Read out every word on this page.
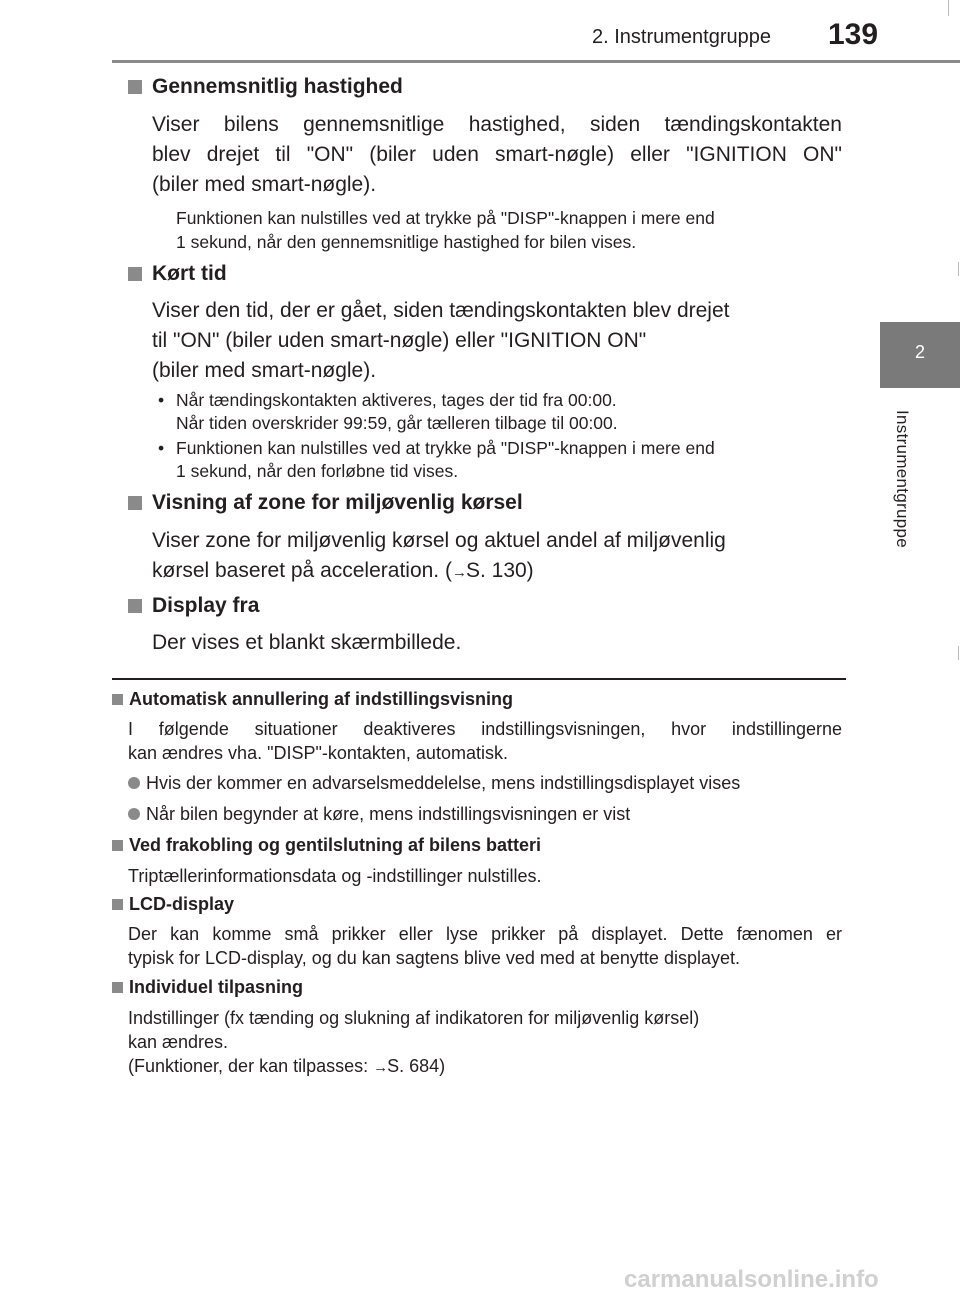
2. Instrumentgruppe 139
2
Instrumentgruppe
Gennemsnitlig hastighed
Viser bilens gennemsnitlige hastighed, siden tændingskontakten
blev drejet til "ON" (biler uden smart-nøgle) eller "IGNITION ON"
(biler med smart-nøgle).
Funktionen kan nulstilles ved at trykke på "DISP"-knappen i mere end
1 sekund, når den gennemsnitlige hastighed for bilen vises.
Kørt tid
Viser den tid, der er gået, siden tændingskontakten blev drejet
til "ON" (biler uden smart-nøgle) eller "IGNITION ON"
(biler med smart-nøgle).
• Når tændingskontakten aktiveres, tages der tid fra 00:00.
Når tiden overskrider 99:59, går tælleren tilbage til 00:00.
• Funktionen kan nulstilles ved at trykke på "DISP"-knappen i mere end
1 sekund, når den forløbne tid vises.
Visning af zone for miljøvenlig kørsel
Viser zone for miljøvenlig kørsel og aktuel andel af miljøvenlig
kørsel baseret på acceleration. (→S. 130)
Display fra
Der vises et blankt skærmbillede.
Automatisk annullering af indstillingsvisning
I følgende situationer deaktiveres indstillingsvisningen, hvor indstillingerne
kan ændres vha. "DISP"-kontakten, automatisk.
Hvis der kommer en advarselsmeddelelse, mens indstillingsdisplayet vises
Når bilen begynder at køre, mens indstillingsvisningen er vist
Ved frakobling og gentilslutning af bilens batteri
Triptællerinformationsdata og -indstillinger nulstilles.
LCD-display
Der kan komme små prikker eller lyse prikker på displayet. Dette fænomen er
typisk for LCD-display, og du kan sagtens blive ved med at benytte displayet.
Individuel tilpasning
Indstillinger (fx tænding og slukning af indikatoren for miljøvenlig kørsel)
kan ændres.
(Funktioner, der kan tilpasses: →S. 684)
carmanualsonline.info
